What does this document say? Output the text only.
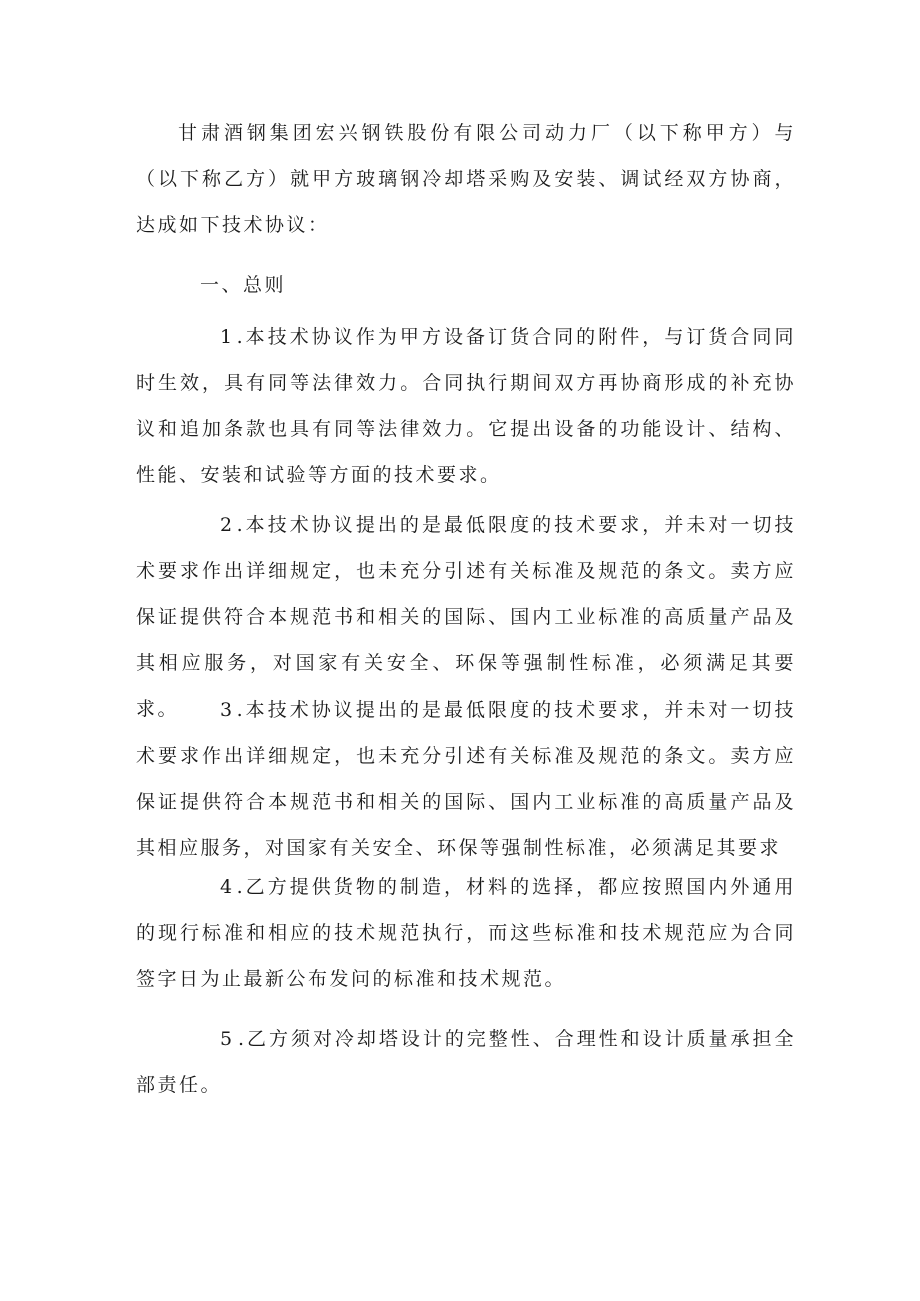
甘肃酒钢集团宏兴钢铁股份有限公司动力厂（以下称甲方）与（以下称乙方）就甲方玻璃钢冷却塔采购及安装、调试经双方协商，达成如下技术协议：

一、总则

1 .本技术协议作为甲方设备订货合同的附件，与订货合同同时生效，具有同等法律效力。合同执行期间双方再协商形成的补充协议和追加条款也具有同等法律效力。它提出设备的功能设计、结构、性能、安装和试验等方面的技术要求。

2 .本技术协议提出的是最低限度的技术要求，并未对一切技术要求作出详细规定，也未充分引述有关标准及规范的条文。卖方应保证提供符合本规范书和相关的国际、国内工业标准的高质量产品及其相应服务，对国家有关安全、环保等强制性标准，必须满足其要求。	3 .本技术协议提出的是最低限度的技术要求，并未对一切技术要求作出详细规定，也未充分引述有关标准及规范的条文。卖方应保证提供符合本规范书和相关的国际、国内工业标准的高质量产品及其相应服务，对国家有关安全、环保等强制性标准，必须满足其要求

4 .乙方提供货物的制造，材料的选择，都应按照国内外通用的现行标准和相应的技术规范执行，而这些标准和技术规范应为合同签字日为止最新公布发问的标准和技术规范。

5 .乙方须对冷却塔设计的完整性、合理性和设计质量承担全部责任。
